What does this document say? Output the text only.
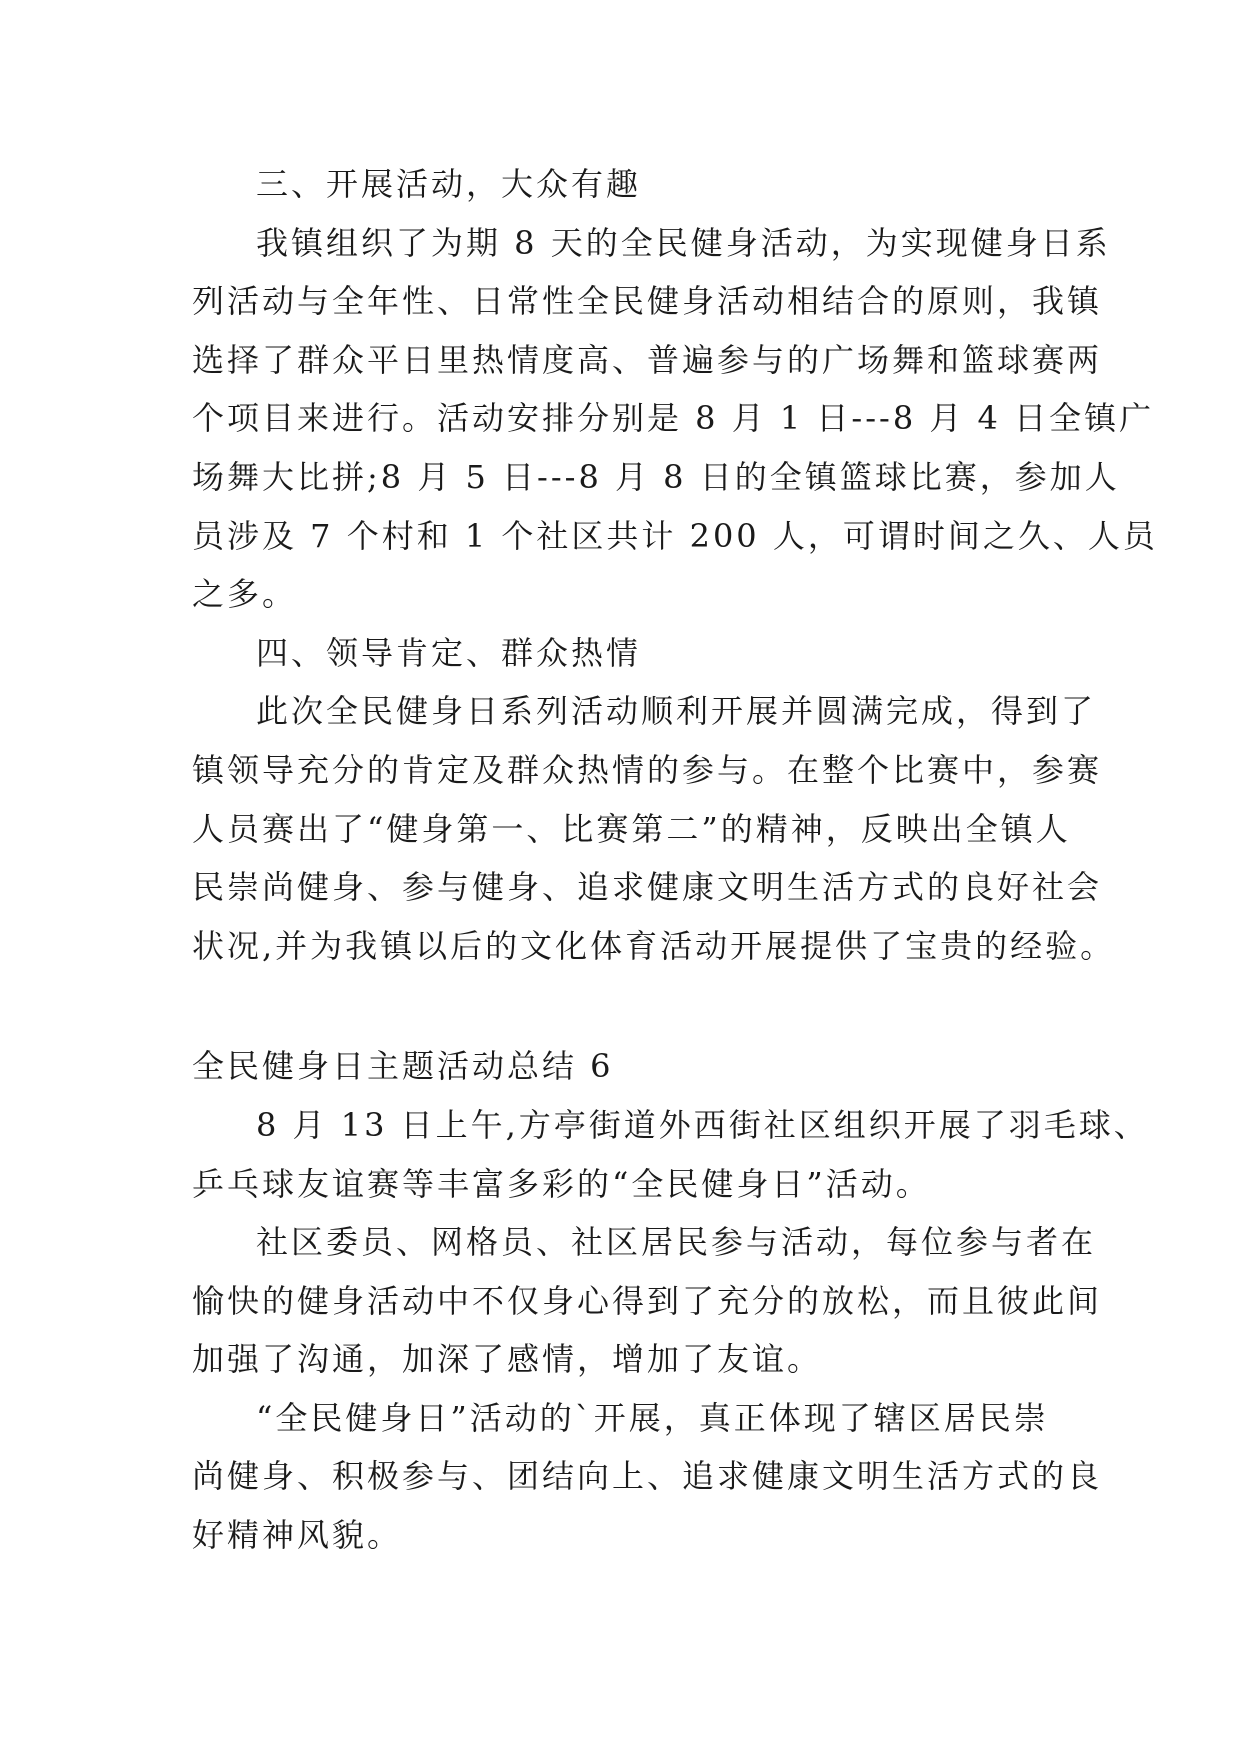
三、开展活动，大众有趣
我镇组织了为期 8 天的全民健身活动，为实现健身日系
列活动与全年性、日常性全民健身活动相结合的原则，我镇
选择了群众平日里热情度高、普遍参与的广场舞和篮球赛两
个项目来进行。活动安排分别是 8 月 1 日---8 月 4 日全镇广
场舞大比拼;8 月 5 日---8 月 8 日的全镇篮球比赛，参加人
员涉及 7 个村和 1 个社区共计 200 人，可谓时间之久、人员
之多。
四、领导肯定、群众热情
此次全民健身日系列活动顺利开展并圆满完成，得到了
镇领导充分的肯定及群众热情的参与。在整个比赛中，参赛
人员赛出了“健身第一、比赛第二”的精神，反映出全镇人
民崇尚健身、参与健身、追求健康文明生活方式的良好社会
状况,并为我镇以后的文化体育活动开展提供了宝贵的经验。
全民健身日主题活动总结 6
8 月 13 日上午,方亭街道外西街社区组织开展了羽毛球、
乒乓球友谊赛等丰富多彩的“全民健身日”活动。
社区委员、网格员、社区居民参与活动，每位参与者在
愉快的健身活动中不仅身心得到了充分的放松，而且彼此间
加强了沟通，加深了感情，增加了友谊。
“全民健身日”活动的`开展，真正体现了辖区居民崇
尚健身、积极参与、团结向上、追求健康文明生活方式的良
好精神风貌。
